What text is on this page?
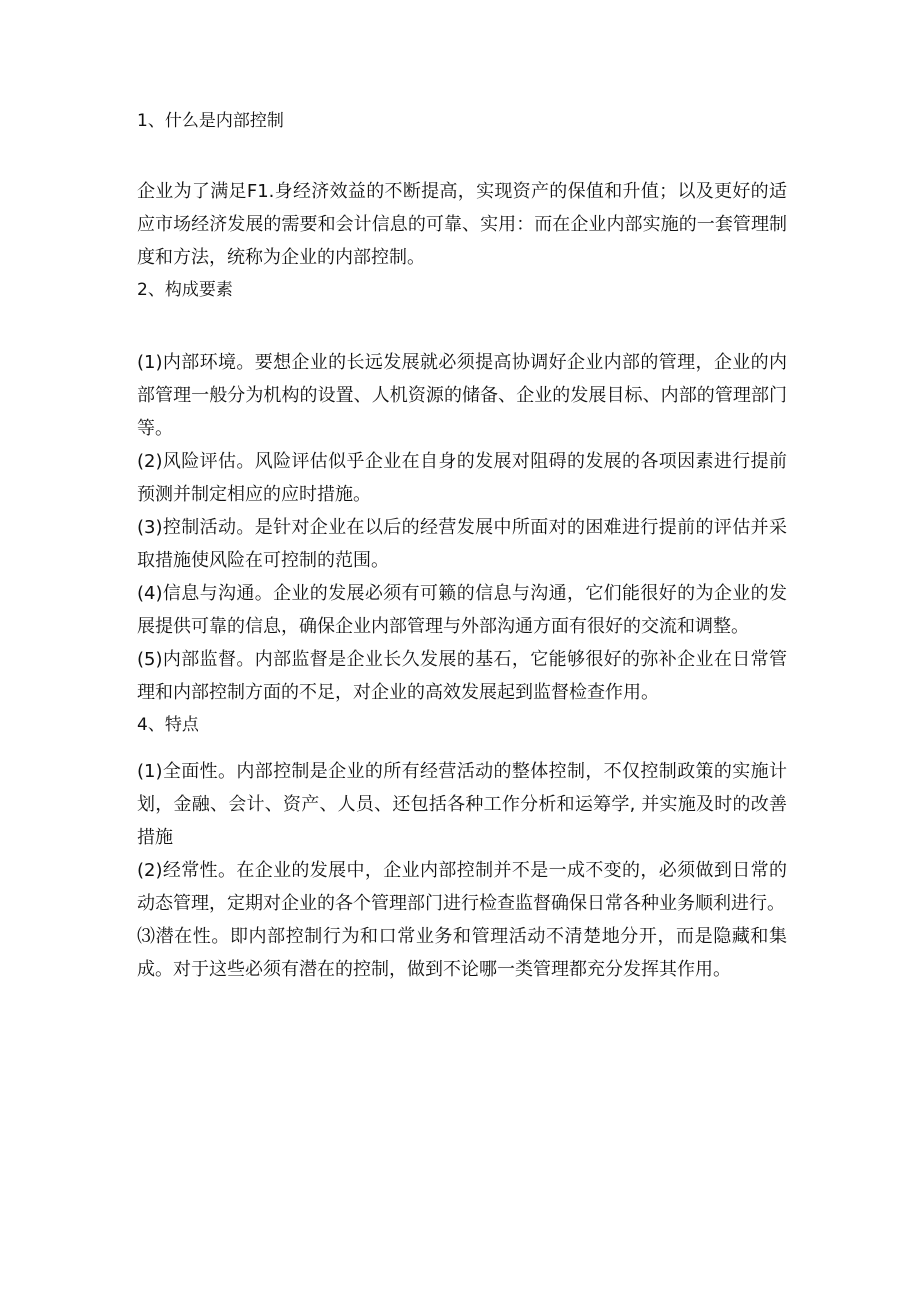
1、什么是内部控制

企业为了满足F1.身经济效益的不断提高，实现资产的保值和升值；以及更好的适应市场经济发展的需要和会计信息的可靠、实用：而在企业内部实施的一套管理制度和方法，统称为企业的内部控制。

2、构成要素

(1)内部环境。要想企业的长远发展就必须提高协调好企业内部的管理，企业的内部管理一般分为机构的设置、人机资源的储备、企业的发展目标、内部的管理部门等。

(2)风险评估。风险评估似乎企业在自身的发展对阻碍的发展的各项因素进行提前预测并制定相应的应时措施。

(3)控制活动。是针对企业在以后的经营发展中所面对的困难进行提前的评估并采取措施使风险在可控制的范围。

(4)信息与沟通。企业的发展必须有可籁的信息与沟通，它们能很好的为企业的发展提供可靠的信息，确保企业内部管理与外部沟通方面有很好的交流和调整。

(5)内部监督。内部监督是企业长久发展的基石，它能够很好的弥补企业在日常管理和内部控制方面的不足，对企业的高效发展起到监督检查作用。

4、特点

(1)全面性。内部控制是企业的所有经营活动的整体控制，不仅控制政策的实施计划，金融、会计、资产、人员、还包括各种工作分析和运筹学, 并实施及时的改善措施

(2)经常性。在企业的发展中，企业内部控制并不是一成不变的，必须做到日常的动态管理，定期对企业的各个管理部门进行检查监督确保日常各种业务顺利进行。

⑶潜在性。即内部控制行为和口常业务和管理活动不清楚地分开，而是隐藏和集成。对于这些必须有潜在的控制，做到不论哪一类管理都充分发挥其作用。
